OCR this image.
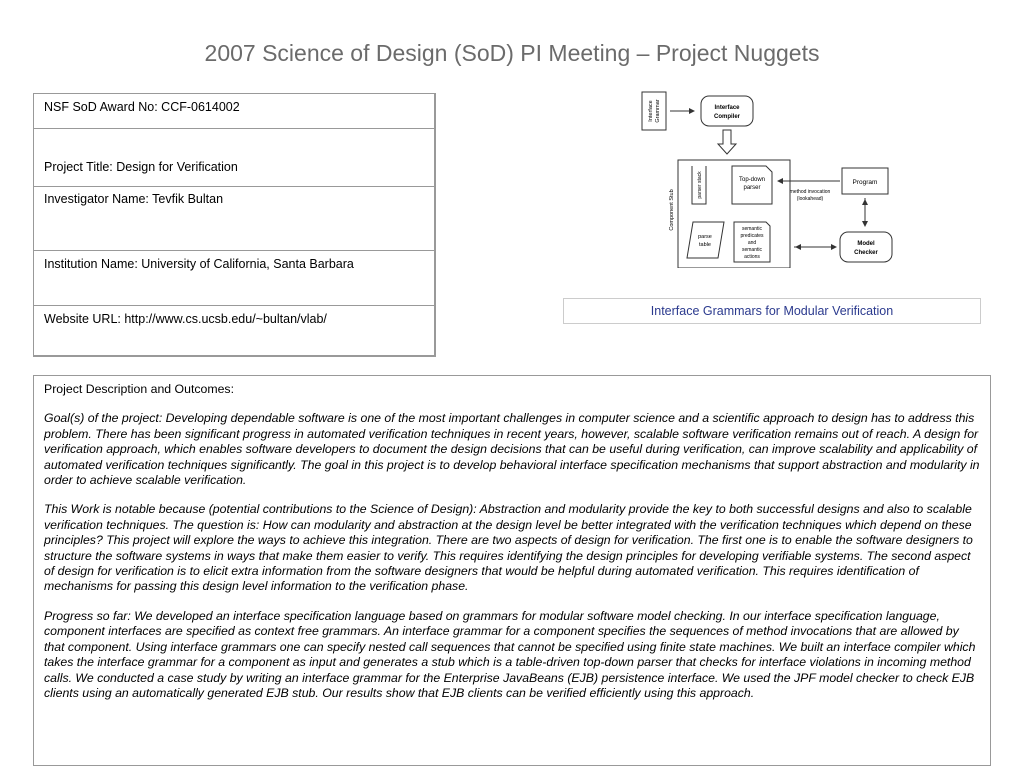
2007 Science of Design (SoD) PI Meeting – Project Nuggets
NSF SoD Award No: CCF-0614002
Project Title: Design for Verification
Investigator Name: Tevfik Bultan
Institution Name: University of California, Santa Barbara
Website URL: http://www.cs.ucsb.edu/~bultan/vlab/
Interface Grammar	Interface
Compiler
Component Stub
parser stack	Top-down
parser
parse
table
semantic
predicates
and
semantic
actions
Program
method invocation
(lookahead)
Model
Checker
Interface Grammars for Modular Verification

Project Description and Outcomes:

Goal(s) of the project: Developing dependable software is one of the most important challenges in computer science and a scientific approach to design has to address this problem. There has been significant progress in automated verification techniques in recent years, however, scalable software verification remains out of reach. A design for verification approach, which enables software developers to document the design decisions that can be useful during verification, can improve scalability and applicability of automated verification techniques significantly. The goal in this project is to develop behavioral interface specification mechanisms that support abstraction and modularity in order to achieve scalable verification.

This Work is notable because (potential contributions to the Science of Design): Abstraction and modularity provide the key to both successful designs and also to scalable verification techniques. The question is: How can modularity and abstraction at the design level be better integrated with the verification techniques which depend on these principles? This project will explore the ways to achieve this integration. There are two aspects of design for verification. The first one is to enable the software designers to structure the software systems in ways that make them easier to verify. This requires identifying the design principles for developing verifiable systems. The second aspect of design for verification is to elicit extra information from the software designers that would be helpful during automated verification. This requires identification of mechanisms for passing this design level information to the verification phase.

Progress so far: We developed an interface specification language based on grammars for modular software model checking. In our interface specification language, component interfaces are specified as context free grammars. An interface grammar for a component specifies the sequences of method invocations that are allowed by that component. Using interface grammars one can specify nested call sequences that cannot be specified using finite state machines. We built an interface compiler which takes the interface grammar for a component as input and generates a stub which is a table-driven top-down parser that checks for interface violations in incoming method calls. We conducted a case study by writing an interface grammar for the Enterprise JavaBeans (EJB) persistence interface. We used the JPF model checker to check EJB clients using an automatically generated EJB stub. Our results show that EJB clients can be verified efficiently using this approach.
